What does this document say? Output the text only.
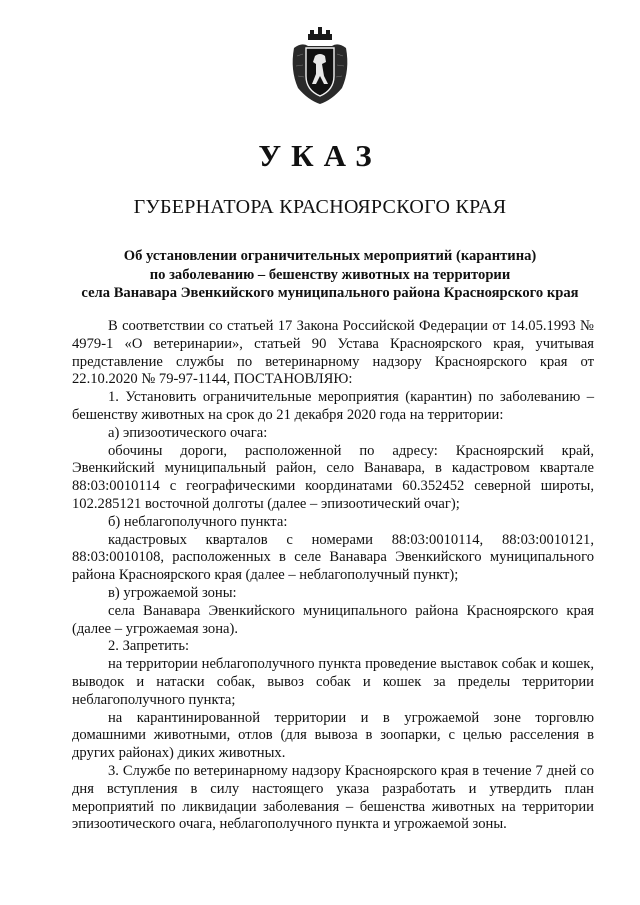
УКАЗ
ГУБЕРНАТОРА КРАСНОЯРСКОГО КРАЯ
Об установлении ограничительных мероприятий (карантина)
по заболеванию – бешенству животных на территории
села Ванавара Эвенкийского муниципального района Красноярского края

В соответствии со статьей 17 Закона Российской Федерации от 14.05.1993 № 4979-1 «О ветеринарии», статьей 90 Устава Красноярского края, учитывая представление службы по ветеринарному надзору Красноярского края от 22.10.2020 № 79-97-1144, ПОСТАНОВЛЯЮ:

1. Установить ограничительные мероприятия (карантин) по заболеванию – бешенству животных на срок до 21 декабря 2020 года на территории:

а) эпизоотического очага:

обочины дороги, расположенной по адресу: Красноярский край, Эвенкийский муниципальный район, село Ванавара, в кадастровом квартале 88:03:0010114 с географическими координатами 60.352452 северной широты, 102.285121 восточной долготы (далее – эпизоотический очаг);

б) неблагополучного пункта:

кадастровых кварталов с номерами 88:03:0010114, 88:03:0010121, 88:03:0010108, расположенных в селе Ванавара Эвенкийского муниципального района Красноярского края (далее – неблагополучный пункт);

в) угрожаемой зоны:

села Ванавара Эвенкийского муниципального района Красноярского края (далее – угрожаемая зона).

2. Запретить:

на территории неблагополучного пункта проведение выставок собак и кошек, выводок и натаски собак, вывоз собак и кошек за пределы территории неблагополучного пункта;

на карантинированной территории и в угрожаемой зоне торговлю домашними животными, отлов (для вывоза в зоопарки, с целью расселения в других районах) диких животных.

3. Службе по ветеринарному надзору Красноярского края в течение 7 дней со дня вступления в силу настоящего указа разработать и утвердить план мероприятий по ликвидации заболевания – бешенства животных на территории эпизоотического очага, неблагополучного пункта и угрожаемой зоны.
